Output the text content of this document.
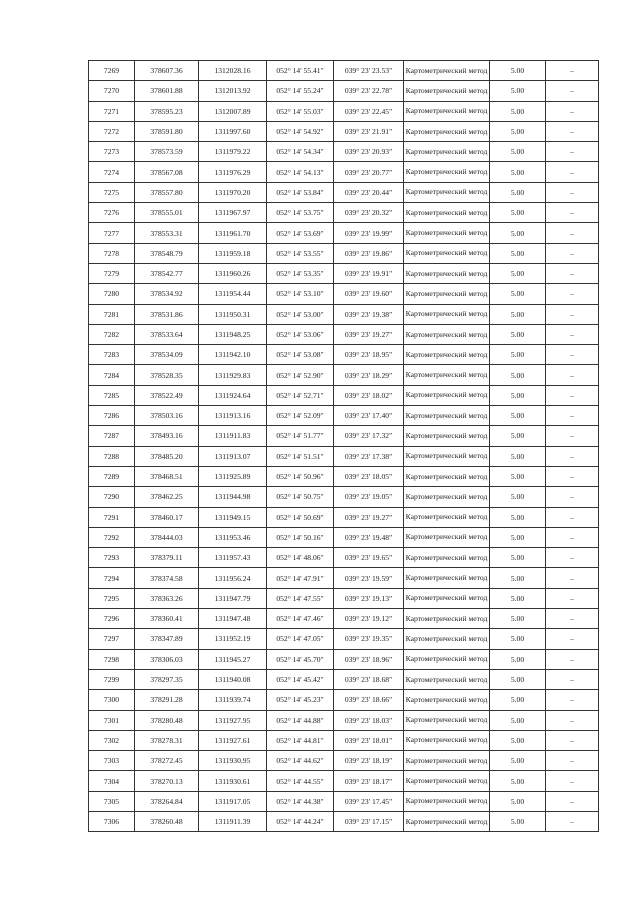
7269	378607.36	1312028.16	052° 14' 55.41"	039° 23' 23.53"	Картометрический метод	5.00	–
7270	378601.88	1312013.92	052° 14' 55.24"	039° 23' 22.78"	Картометрический метод	5.00	–
7271	378595.23	1312007.89	052° 14' 55.03"	039° 23' 22.45"	Картометрический метод	5.00	–
7272	378591.80	1311997.60	052° 14' 54.92"	039° 23' 21.91"	Картометрический метод	5.00	–
7273	378573.59	1311979.22	052° 14' 54.34"	039° 23' 20.93"	Картометрический метод	5.00	–
7274	378567.08	1311976.29	052° 14' 54.13"	039° 23' 20.77"	Картометрический метод	5.00	–
7275	378557.80	1311970.20	052° 14' 53.84"	039° 23' 20.44"	Картометрический метод	5.00	–
7276	378555.01	1311967.97	052° 14' 53.75"	039° 23' 20.32"	Картометрический метод	5.00	–
7277	378553.31	1311961.70	052° 14' 53.69"	039° 23' 19.99"	Картометрический метод	5.00	–
7278	378548.79	1311959.18	052° 14' 53.55"	039° 23' 19.86"	Картометрический метод	5.00	–
7279	378542.77	1311960.26	052° 14' 53.35"	039° 23' 19.91"	Картометрический метод	5.00	–
7280	378534.92	1311954.44	052° 14' 53.10"	039° 23' 19.60"	Картометрический метод	5.00	–
7281	378531.86	1311950.31	052° 14' 53.00"	039° 23' 19.38"	Картометрический метод	5.00	–
7282	378533.64	1311948.25	052° 14' 53.06"	039° 23' 19.27"	Картометрический метод	5.00	–
7283	378534.09	1311942.10	052° 14' 53.08"	039° 23' 18.95"	Картометрический метод	5.00	–
7284	378528.35	1311929.83	052° 14' 52.90"	039° 23' 18.29"	Картометрический метод	5.00	–
7285	378522.49	1311924.64	052° 14' 52.71"	039° 23' 18.02"	Картометрический метод	5.00	–
7286	378503.16	1311913.16	052° 14' 52.09"	039° 23' 17.40"	Картометрический метод	5.00	–
7287	378493.16	1311911.83	052° 14' 51.77"	039° 23' 17.32"	Картометрический метод	5.00	–
7288	378485.20	1311913.07	052° 14' 51.51"	039° 23' 17.38"	Картометрический метод	5.00	–
7289	378468.51	1311925.89	052° 14' 50.96"	039° 23' 18.05"	Картометрический метод	5.00	–
7290	378462.25	1311944.98	052° 14' 50.75"	039° 23' 19.05"	Картометрический метод	5.00	–
7291	378460.17	1311949.15	052° 14' 50.69"	039° 23' 19.27"	Картометрический метод	5.00	–
7292	378444.03	1311953.46	052° 14' 50.16"	039° 23' 19.48"	Картометрический метод	5.00	–
7293	378379.11	1311957.43	052° 14' 48.06"	039° 23' 19.65"	Картометрический метод	5.00	–
7294	378374.58	1311956.24	052° 14' 47.91"	039° 23' 19.59"	Картометрический метод	5.00	–
7295	378363.26	1311947.79	052° 14' 47.55"	039° 23' 19.13"	Картометрический метод	5.00	–
7296	378360.41	1311947.48	052° 14' 47.46"	039° 23' 19.12"	Картометрический метод	5.00	–
7297	378347.89	1311952.19	052° 14' 47.05"	039° 23' 19.35"	Картометрический метод	5.00	–
7298	378306.03	1311945.27	052° 14' 45.70"	039° 23' 18.96"	Картометрический метод	5.00	–
7299	378297.35	1311940.08	052° 14' 45.42"	039° 23' 18.68"	Картометрический метод	5.00	–
7300	378291.28	1311939.74	052° 14' 45.23"	039° 23' 18.66"	Картометрический метод	5.00	–
7301	378280.48	1311927.95	052° 14' 44.88"	039° 23' 18.03"	Картометрический метод	5.00	–
7302	378278.31	1311927.61	052° 14' 44.81"	039° 23' 18.01"	Картометрический метод	5.00	–
7303	378272.45	1311930.95	052° 14' 44.62"	039° 23' 18.19"	Картометрический метод	5.00	–
7304	378270.13	1311930.61	052° 14' 44.55"	039° 23' 18.17"	Картометрический метод	5.00	–
7305	378264.84	1311917.05	052° 14' 44.38"	039° 23' 17.45"	Картометрический метод	5.00	–
7306	378260.48	1311911.39	052° 14' 44.24"	039° 23' 17.15"	Картометрический метод	5.00	–
